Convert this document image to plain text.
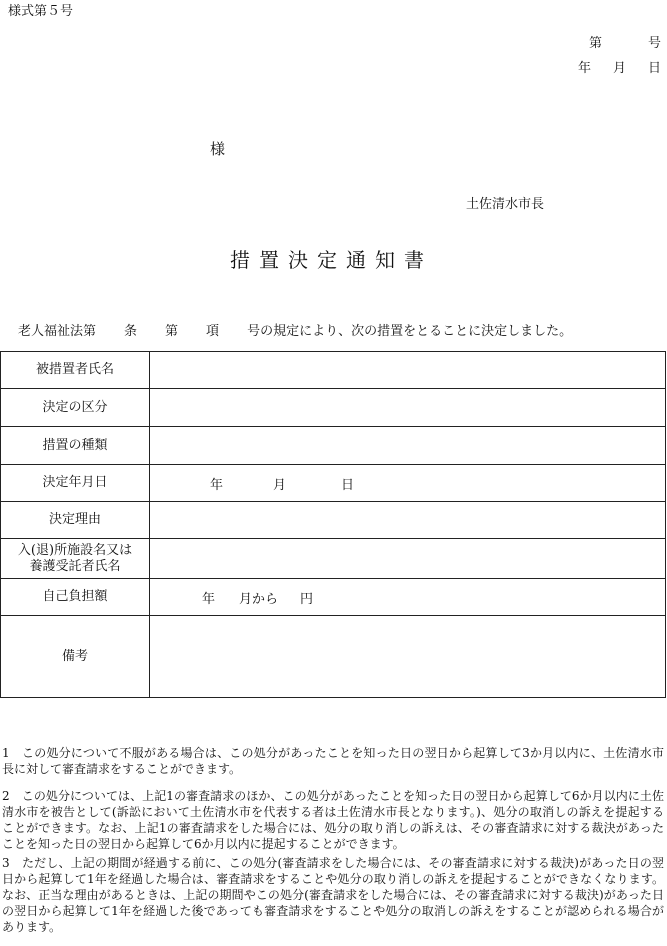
様式第５号
第	号
年 月 日
様
土佐清水市長
措置決定通知書
老人福祉法第 条 第 項 号の規定により、次の措置をとることに決定しました。
被措置者氏名	
決定の区分	
措置の種類	
決定年月日	年 月 日
決定理由	

入(退)所施設名又は
養護受託者氏名	

自己負担額	年 月から 円
備考	

1　この処分について不服がある場合は、この処分があったことを知った日の翌日から起算して3か月以内に、土佐清水市長に対して審査請求をすることができます。

2　この処分については、上記1の審査請求のほか、この処分があったことを知った日の翌日から起算して6か月以内に土佐清水市を被告として(訴訟において土佐清水市を代表する者は土佐清水市長となります。)、処分の取消しの訴えを提起することができます。なお、上記1の審査請求をした場合には、処分の取り消しの訴えは、その審査請求に対する裁決があったことを知った日の翌日から起算して6か月以内に提起することができます。

3　ただし、上記の期間が経過する前に、この処分(審査請求をした場合には、その審査請求に対する裁決)があった日の翌日から起算して1年を経過した場合は、審査請求をすることや処分の取り消しの訴えを提起することができなくなります。なお、正当な理由があるときは、上記の期間やこの処分(審査請求をした場合には、その審査請求に対する裁決)があった日の翌日から起算して1年を経過した後であっても審査請求をすることや処分の取消しの訴えをすることが認められる場合があります。
